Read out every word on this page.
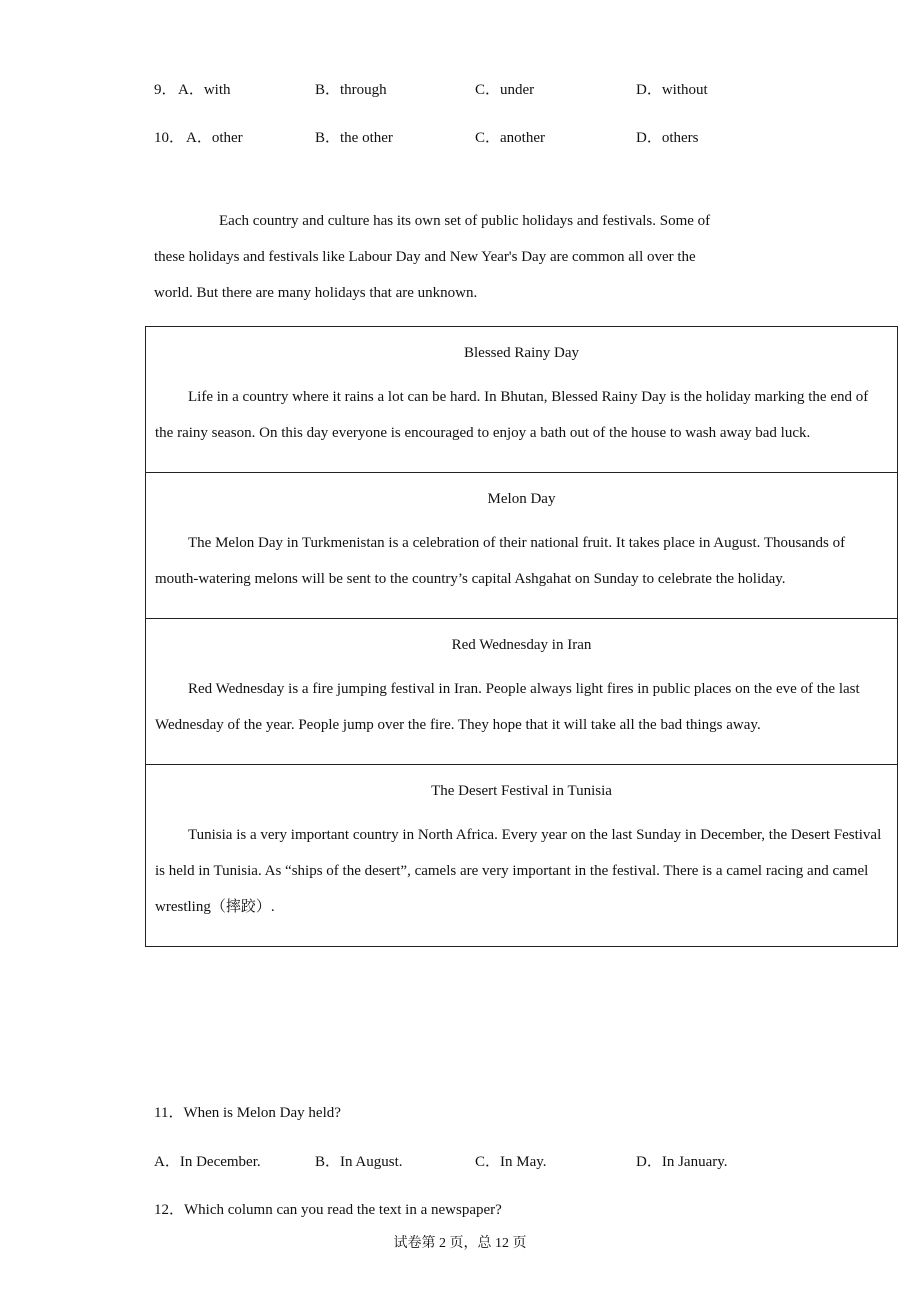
9． A．with	B．through	C．under	D．without
10． A．other	B．the other	C．another	D．others
Each country and culture has its own set of public holidays and festivals. Some of
these holidays and festivals like Labour Day and New Year's Day are common all over the
world. But there are many holidays that are unknown.
Blessed Rainy Day
Life in a country where it rains a lot can be hard. In Bhutan, Blessed Rainy Day is the holiday marking the end of the rainy season. On this day everyone is encouraged to enjoy a bath out of the house to wash away bad luck.

Melon Day
The Melon Day in Turkmenistan is a celebration of their national fruit. It takes place in August. Thousands of mouth-watering melons will be sent to the country’s capital Ashgahat on Sunday to celebrate the holiday.

Red Wednesday in Iran
Red Wednesday is a fire jumping festival in Iran. People always light fires in public places on the eve of the last Wednesday of the year. People jump over the fire. They hope that it will take all the bad things away.

The Desert Festival in Tunisia
Tunisia is a very important country in North Africa. Every year on the last Sunday in December, the Desert Festival is held in Tunisia. As “ships of the desert”, camels are very important in the festival. There is a camel racing and camel wrestling（摔跤）.
11．When is Melon Day held?
A．In December.	B．In August.	C．In May.	D．In January.
12．Which column can you read the text in a newspaper?
试卷第 2 页，总 12 页
